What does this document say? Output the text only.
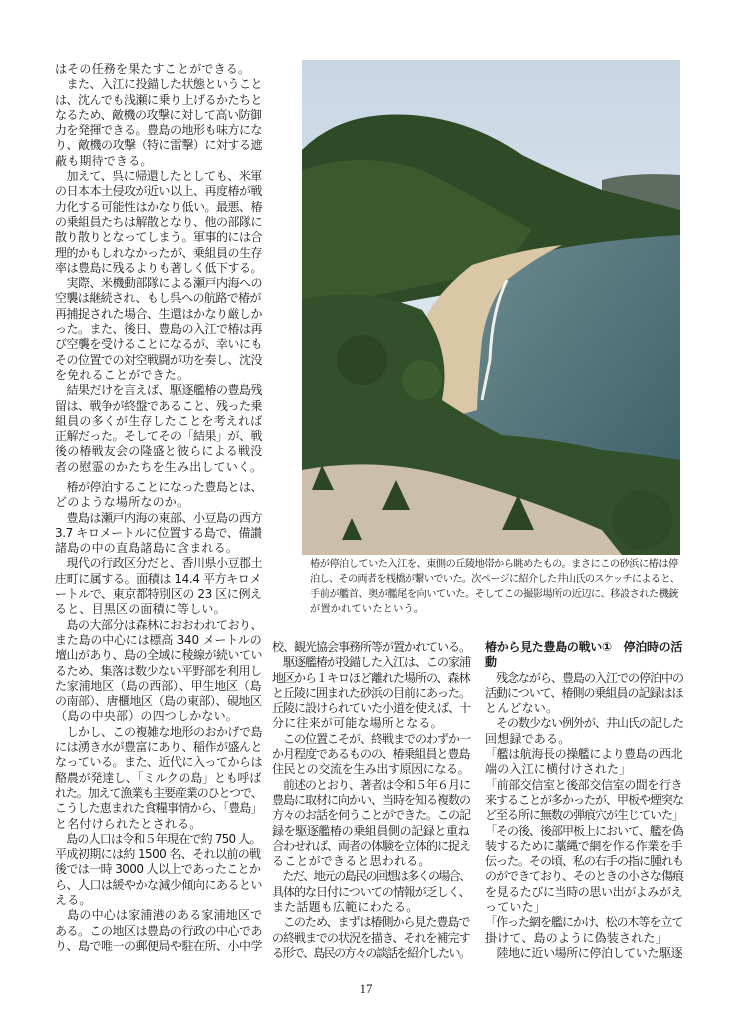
はその任務を果たすことができる。
　また、入江に投錨した状態ということ
は、沈んでも浅瀬に乗り上げるかたちと
なるため、敵機の攻撃に対して高い防御
力を発揮できる。豊島の地形も味方にな
り、敵機の攻撃（特に雷撃）に対する遮
蔽も期待できる。
　加えて、呉に帰還したとしても、米軍
の日本本土侵攻が近い以上、再度椿が戦
力化する可能性はかなり低い。最悪、椿
の乗組員たちは解散となり、他の部隊に
散り散りとなってしまう。軍事的には合
理的かもしれなかったが、乗組員の生存
率は豊島に残るよりも著しく低下する。
　実際、米機動部隊による瀬戸内海への
空襲は継続され、もし呉への航路で椿が
再捕捉された場合、生還はかなり厳しか
った。また、後日、豊島の入江で椿は再
び空襲を受けることになるが、幸いにも
その位置での対空戦闘が功を奏し、沈没
を免れることができた。
　結果だけを言えば、駆逐艦椿の豊島残
留は、戦争が終盤であること、残った乗
組員の多くが生存したことを考えれば
正解だった。そしてその「結果」が、戦
後の椿戦友会の隆盛と彼らによる戦没
者の慰霊のかたちを生み出していく。
　椿が停泊することになった豊島とは、
どのような場所なのか。
　豊島は瀬戸内海の東部、小豆島の西方
3.7 キロメートルに位置する島で、備讃
諸島の中の直島諸島に含まれる。
　現代の行政区分だと、香川県小豆郡土
庄町に属する。面積は 14.4 平方キロメ
ートルで、東京都特別区の 23 区に例え
ると、目黒区の面積に等しい。
　島の大部分は森林におおわれており、
また島の中心には標高 340 メートルの
壇山があり、島の全域に稜線が続いてい
るため、集落は数少ない平野部を利用し
た家浦地区（島の西部）、甲生地区（島
の南部）、唐櫃地区（島の東部）、硯地区
（島の中央部）の四つしかない。
　しかし、この複雑な地形のおかげで島
には湧き水が豊富にあり、稲作が盛んと
なっている。また、近代に入ってからは
酪農が発達し、「ミルクの島」とも呼ば
れた。加えて漁業も主要産業のひとつで、
こうした恵まれた食糧事情から、「豊島」
と名付けられたとされる。
　島の人口は令和５年現在で約 750 人。
平成初期には約 1500 名、それ以前の戦
後では一時 3000 人以上であったことか
ら、人口は緩やかな減少傾向にあるとい
える。
　島の中心は家浦港のある家浦地区で
ある。この地区は豊島の行政の中心であ
り、島で唯一の郵便局や駐在所、小中学
椿が停泊していた入江を、東側の丘陵地帯から眺めたもの。まさにこの砂浜に椿は停
泊し、その両者を桟橋が繋いでいた。次ページに紹介した井山氏のスケッチによると、
手前が艦首、奥が艦尾を向いていた。そしてこの撮影場所の近辺に、移設された機銃
が置かれていたという。
校、観光協会事務所等が置かれている。
　駆逐艦椿が投錨した入江は、この家浦
地区から１キロほど離れた場所の、森林
と丘陵に囲まれた砂浜の目前にあった。
丘陵に設けられていた小道を使えば、十
分に往来が可能な場所となる。
　この位置こそが、終戦までのわずか一
か月程度であるものの、椿乗組員と豊島
住民との交流を生み出す原因になる。
　前述のとおり、著者は令和５年６月に
豊島に取材に向かい、当時を知る複数の
方々のお話を伺うことができた。この記
録を駆逐艦椿の乗組員側の記録と重ね
合わせれば、両者の体験を立体的に捉え
ることができると思われる。
　ただ、地元の島民の回想は多くの場合、
具体的な日付についての情報が乏しく、
また話題も広範にわたる。
　このため、まずは椿側から見た豊島で
の終戦までの状況を描き、それを補完す
る形で、島民の方々の談話を紹介したい。
椿から見た豊島の戦い①　停泊時の活
動
　残念ながら、豊島の入江での停泊中の
活動について、椿側の乗組員の記録はほ
とんどない。
　その数少ない例外が、井山氏の記した
回想録である。
「艦は航海長の操艦により豊島の西北
端の入江に横付けされた」
「前部交信室と後部交信室の間を行き
来することが多かったが、甲板や煙突な
ど至る所に無数の弾痕穴が生じていた」
「その後、後部甲板上において、艦を偽
装するために藁縄で網を作る作業を手
伝った。その頃、私の右手の指に腫れも
のができており、そのときの小さな傷痕
を見るたびに当時の思い出がよみがえ
っていた」
「作った網を艦にかけ、松の木等を立て
掛けて、島のように偽装された」
　陸地に近い場所に停泊していた駆逐
17
